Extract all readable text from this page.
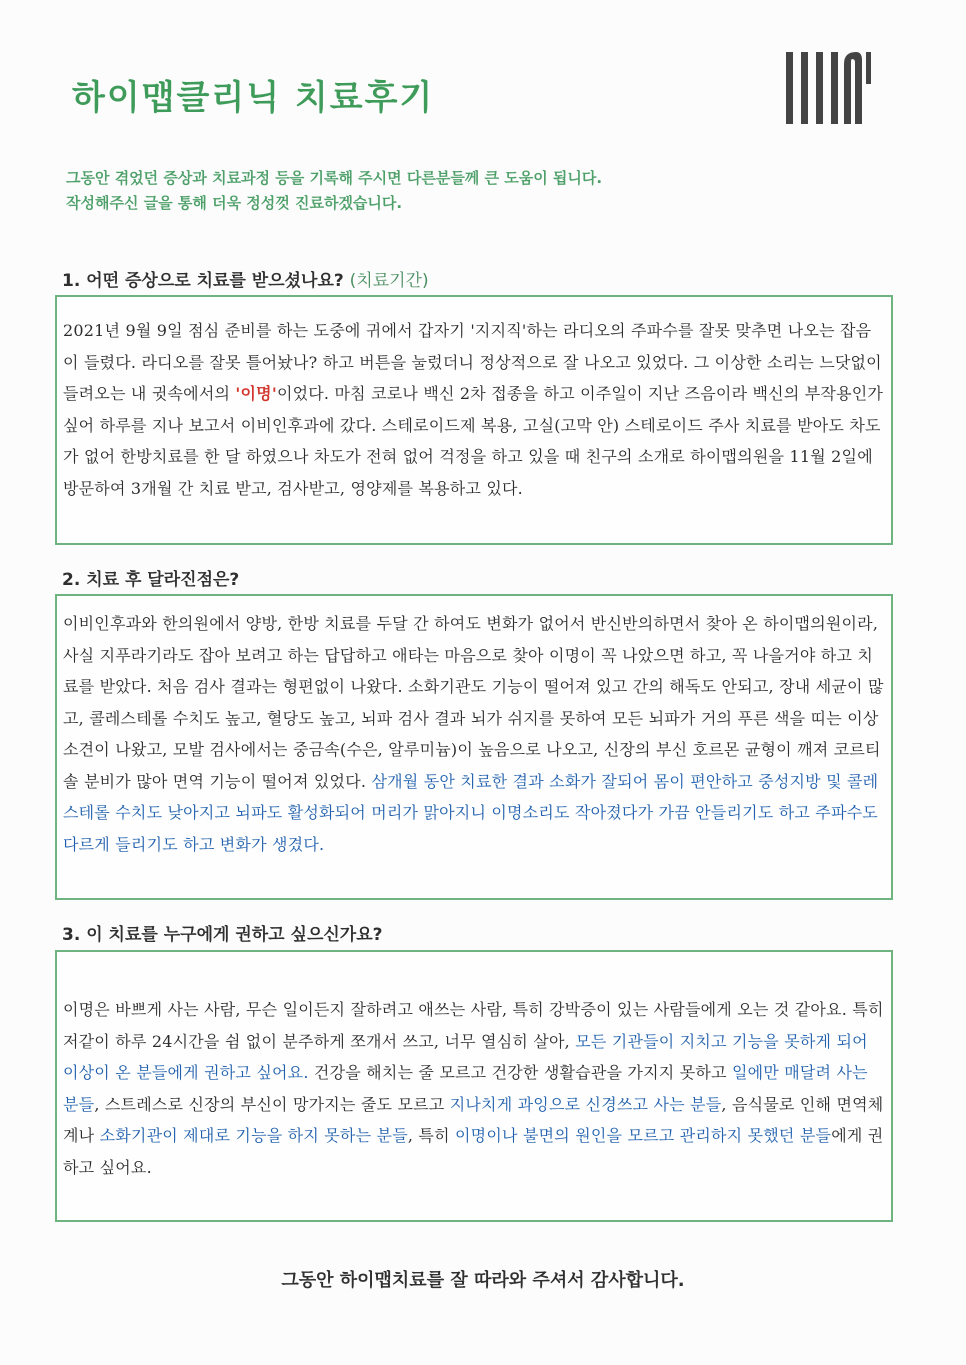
하이맵클리닉 치료후기
그동안 겪었던 증상과 치료과정 등을 기록해 주시면 다른분들께 큰 도움이 됩니다.
작성해주신 글을 통해 더욱 정성껏 진료하겠습니다.
1. 어떤 증상으로 치료를 받으셨나요? (치료기간)

2021년 9월 9일 점심 준비를 하는 도중에 귀에서 갑자기 '지지직'하는 라디오의 주파수를 잘못 맞추면 나오는 잡음이 들렸다. 라디오를 잘못 틀어놨나? 하고 버튼을 눌렀더니 정상적으로 잘 나오고 있었다. 그 이상한 소리는 느닷없이 들려오는 내 귓속에서의 '이명'이었다. 마침 코로나 백신 2차 접종을 하고 이주일이 지난 즈음이라 백신의 부작용인가 싶어 하루를 지나 보고서 이비인후과에 갔다. 스테로이드제 복용, 고실(고막 안) 스테로이드 주사 치료를 받아도 차도가 없어 한방치료를 한 달 하였으나 차도가 전혀 없어 걱정을 하고 있을 때 친구의 소개로 하이맵의원을 11월 2일에 방문하여 3개월 간 치료 받고, 검사받고, 영양제를 복용하고 있다.

2. 치료 후 달라진점은?

이비인후과와 한의원에서 양방, 한방 치료를 두달 간 하여도 변화가 없어서 반신반의하면서 찾아 온 하이맵의원이라, 사실 지푸라기라도 잡아 보려고 하는 답답하고 애타는 마음으로 찾아 이명이 꼭 나았으면 하고, 꼭 나을거야 하고 치료를 받았다. 처음 검사 결과는 형편없이 나왔다. 소화기관도 기능이 떨어져 있고 간의 해독도 안되고, 장내 세균이 많고, 콜레스테롤 수치도 높고, 혈당도 높고, 뇌파 검사 결과 뇌가 쉬지를 못하여 모든 뇌파가 거의 푸른 색을 띠는 이상 소견이 나왔고, 모발 검사에서는 중금속(수은, 알루미늄)이 높음으로 나오고, 신장의 부신 호르몬 균형이 깨져 코르티솔 분비가 많아 면역 기능이 떨어져 있었다. 삼개월 동안 치료한 결과 소화가 잘되어 몸이 편안하고 중성지방 및 콜레스테롤 수치도 낮아지고 뇌파도 활성화되어 머리가 맑아지니 이명소리도 작아졌다가 가끔 안들리기도 하고 주파수도 다르게 들리기도 하고 변화가 생겼다.

3. 이 치료를 누구에게 권하고 싶으신가요?

이명은 바쁘게 사는 사람, 무슨 일이든지 잘하려고 애쓰는 사람, 특히 강박증이 있는 사람들에게 오는 것 같아요. 특히 저같이 하루 24시간을 쉼 없이 분주하게 쪼개서 쓰고, 너무 열심히 살아, 모든 기관들이 지치고 기능을 못하게 되어 이상이 온 분들에게 권하고 싶어요. 건강을 해치는 줄 모르고 건강한 생활습관을 가지지 못하고 일에만 매달려 사는 분들, 스트레스로 신장의 부신이 망가지는 줄도 모르고 지나치게 과잉으로 신경쓰고 사는 분들, 음식물로 인해 면역체계나 소화기관이 제대로 기능을 하지 못하는 분들, 특히 이명이나 불면의 원인을 모르고 관리하지 못했던 분들에게 권하고 싶어요.

그동안 하이맵치료를 잘 따라와 주셔서 감사합니다.
